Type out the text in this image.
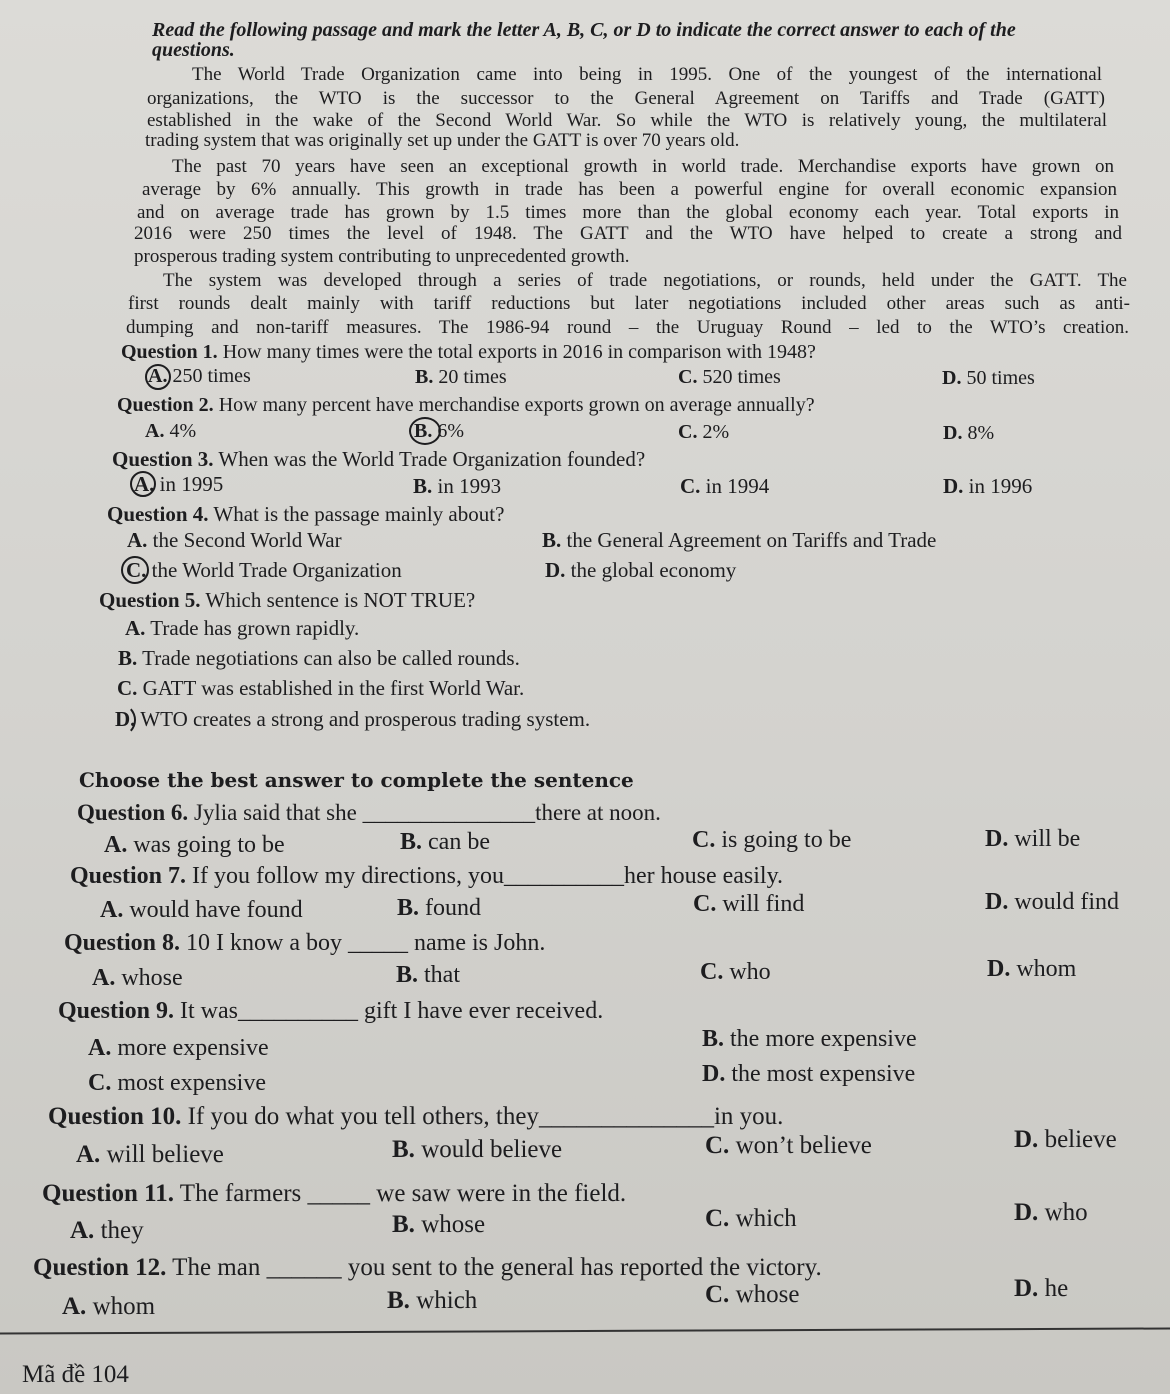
Read the following passage and mark the letter A, B, C, or D to indicate the correct answer to each of the
questions.
The World Trade Organization came into being in 1995. One of the youngest of the international
organizations, the WTO is the successor to the General Agreement on Tariffs and Trade (GATT)
established in the wake of the Second World War. So while the WTO is relatively young, the multilateral
trading system that was originally set up under the GATT is over 70 years old.
The past 70 years have seen an exceptional growth in world trade. Merchandise exports have grown on
average by 6% annually. This growth in trade has been a powerful engine for overall economic expansion
and on average trade has grown by 1.5 times more than the global economy each year. Total exports in
2016 were 250 times the level of 1948. The GATT and the WTO have helped to create a strong and
prosperous trading system contributing to unprecedented growth.
The system was developed through a series of trade negotiations, or rounds, held under the GATT. The
first rounds dealt mainly with tariff reductions but later negotiations included other areas such as anti-
dumping and non-tariff measures. The 1986-94 round – the Uruguay Round – led to the WTO’s creation.
Question 1. How many times were the total exports in 2016 in comparison with 1948?
A. 250 times	B. 20 times	C. 520 times	D. 50 times
Question 2. How many percent have merchandise exports grown on average annually?
A. 4%	B. 6%	C. 2%	D. 8%
Question 3. When was the World Trade Organization founded?
A. in 1995	B. in 1993	C. in 1994	D. in 1996
Question 4. What is the passage mainly about?
A. the Second World War	B. the General Agreement on Tariffs and Trade
C. the World Trade Organization	D. the global economy
Question 5. Which sentence is NOT TRUE?
A. Trade has grown rapidly.
B. Trade negotiations can also be called rounds.
C. GATT was established in the first World War.
D. WTO creates a strong and prosperous trading system.
Choose the best answer to complete the sentence
Question 6. Jylia said that she _______________there at noon.
A. was going to be	B. can be	C. is going to be	D. will be
Question 7. If you follow my directions, you__________her house easily.
A. would have found	B. found	C. will find	D. would find
Question 8. 10 I know a boy _____ name is John.
A. whose	B. that	C. who	D. whom
Question 9. It was__________ gift I have ever received.
A. more expensive	B. the more expensive
C. most expensive	D. the most expensive
Question 10. If you do what you tell others, they______________in you.
A. will believe	B. would believe	C. won’t believe	D. believe
Question 11. The farmers _____ we saw were in the field.
A. they	B. whose	C. which	D. who
Question 12. The man ______ you sent to the general has reported the victory.
A. whom	B. which	C. whose	D. he
Mã đề 104
